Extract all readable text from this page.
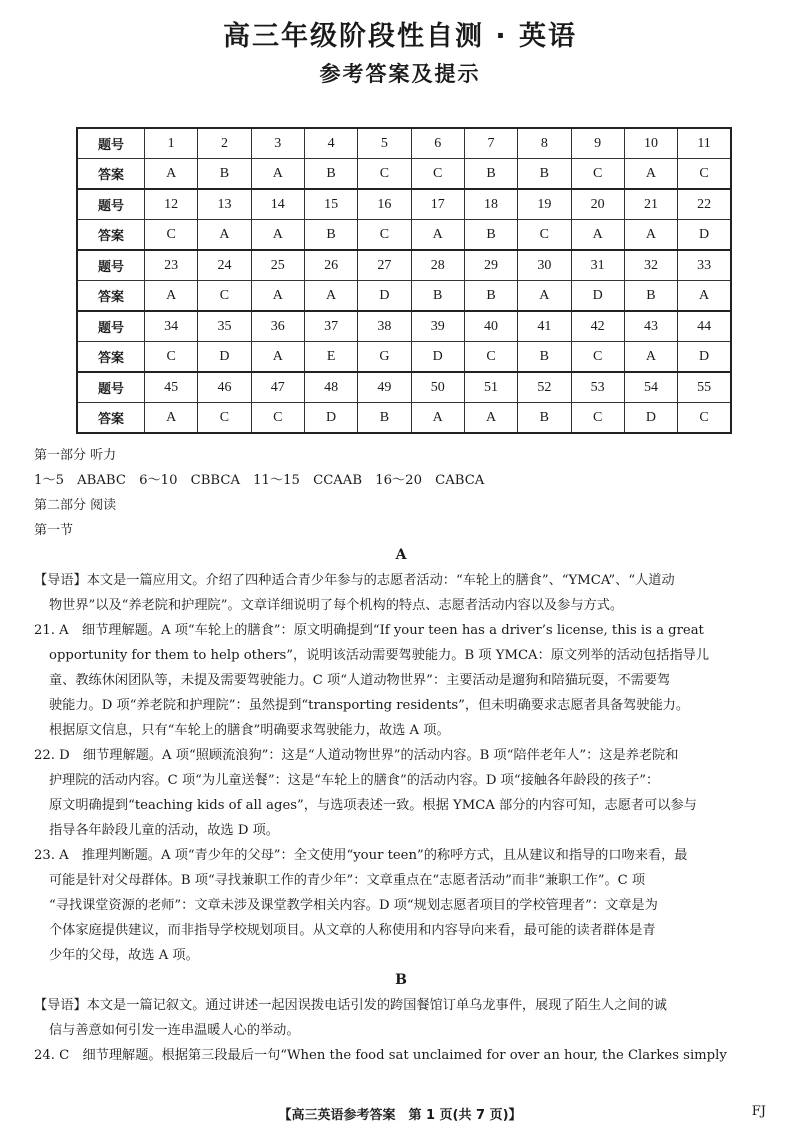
高三年级阶段性自测 · 英语
参考答案及提示
题号	1	2	3	4	5	6	7	8	9	10	11
答案	A	B	A	B	C	C	B	B	C	A	C
题号	12	13	14	15	16	17	18	19	20	21	22
答案	C	A	A	B	C	A	B	C	A	A	D
题号	23	24	25	26	27	28	29	30	31	32	33
答案	A	C	A	A	D	B	B	A	D	B	A
题号	34	35	36	37	38	39	40	41	42	43	44
答案	C	D	A	E	G	D	C	B	C	A	D
题号	45	46	47	48	49	50	51	52	53	54	55
答案	A	C	C	D	B	A	A	B	C	D	C
第一部分 听力
1～5　ABABC　6～10　CBBCA　11～15　CCAAB　16～20　CABCA
第二部分 阅读
第一节
A
【导语】本文是一篇应用文。介绍了四种适合青少年参与的志愿者活动：“车轮上的膳食”、“YMCA”、“人道动
物世界”以及“养老院和护理院”。文章详细说明了每个机构的特点、志愿者活动内容以及参与方式。
21. A　细节理解题。A 项“车轮上的膳食”：原文明确提到“If your teen has a driver’s license, this is a great
opportunity for them to help others”，说明该活动需要驾驶能力。B 项 YMCA：原文列举的活动包括指导儿
童、教练休闲团队等，未提及需要驾驶能力。C 项“人道动物世界”：主要活动是遛狗和陪猫玩耍，不需要驾
驶能力。D 项“养老院和护理院”：虽然提到“transporting residents”，但未明确要求志愿者具备驾驶能力。
根据原文信息，只有“车轮上的膳食”明确要求驾驶能力，故选 A 项。
22. D　细节理解题。A 项“照顾流浪狗”：这是“人道动物世界”的活动内容。B 项“陪伴老年人”：这是养老院和
护理院的活动内容。C 项“为儿童送餐”：这是“车轮上的膳食”的活动内容。D 项“接触各年龄段的孩子”：
原文明确提到“teaching kids of all ages”，与选项表述一致。根据 YMCA 部分的内容可知，志愿者可以参与
指导各年龄段儿童的活动，故选 D 项。
23. A　推理判断题。A 项“青少年的父母”：全文使用“your teen”的称呼方式，且从建议和指导的口吻来看，最
可能是针对父母群体。B 项“寻找兼职工作的青少年”：文章重点在“志愿者活动”而非“兼职工作”。C 项
“寻找课堂资源的老师”：文章未涉及课堂教学相关内容。D 项“规划志愿者项目的学校管理者”：文章是为
个体家庭提供建议，而非指导学校规划项目。从文章的人称使用和内容导向来看，最可能的读者群体是青
少年的父母，故选 A 项。
B
【导语】本文是一篇记叙文。通过讲述一起因误拨电话引发的跨国餐馆订单乌龙事件，展现了陌生人之间的诚
信与善意如何引发一连串温暖人心的举动。
24. C　细节理解题。根据第三段最后一句“When the food sat unclaimed for over an hour, the Clarkes simply
【高三英语参考答案　第 1 页(共 7 页)】	FJ
